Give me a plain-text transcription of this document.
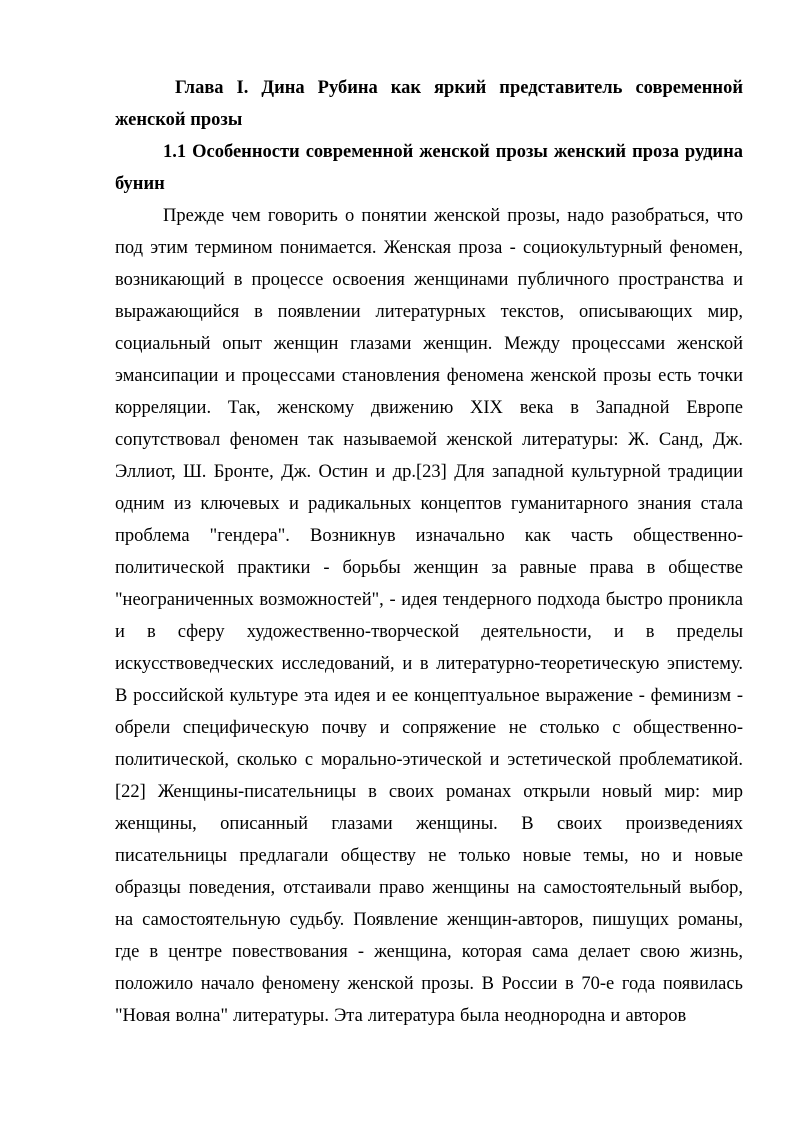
Глава I. Дина Рубина как яркий представитель современной женской прозы
1.1 Особенности современной женской прозы женский проза рудина бунин

Прежде чем говорить о понятии женской прозы, надо разобраться, что под этим термином понимается. Женская проза - социокультурный феномен, возникающий в процессе освоения женщинами публичного пространства и выражающийся в появлении литературных текстов, описывающих мир, социальный опыт женщин глазами женщин. Между процессами женской эмансипации и процессами становления феномена женской прозы есть точки корреляции. Так, женскому движению XIX века в Западной Европе сопутствовал феномен так называемой женской литературы: Ж. Санд, Дж. Эллиот, Ш. Бронте, Дж. Остин и др.[23] Для западной культурной традиции одним из ключевых и радикальных концептов гуманитарного знания стала проблема "гендера". Возникнув изначально как часть общественно-политической практики - борьбы женщин за равные права в обществе "неограниченных возможностей", - идея тендерного подхода быстро проникла и в сферу художественно-творческой деятельности, и в пределы искусствоведческих исследований, и в литературно-теоретическую эпистему. В российской культуре эта идея и ее концептуальное выражение - феминизм - обрели специфическую почву и сопряжение не столько с общественно-политической, сколько с морально-этической и эстетической проблематикой. [22] Женщины-писательницы в своих романах открыли новый мир: мир женщины, описанный глазами женщины. В своих произведениях писательницы предлагали обществу не только новые темы, но и новые образцы поведения, отстаивали право женщины на самостоятельный выбор, на самостоятельную судьбу. Появление женщин-авторов, пишущих романы, где в центре повествования - женщина, которая сама делает свою жизнь, положило начало феномену женской прозы. В России в 70-е года появилась "Новая волна" литературы. Эта литература была неоднородна и авторов
